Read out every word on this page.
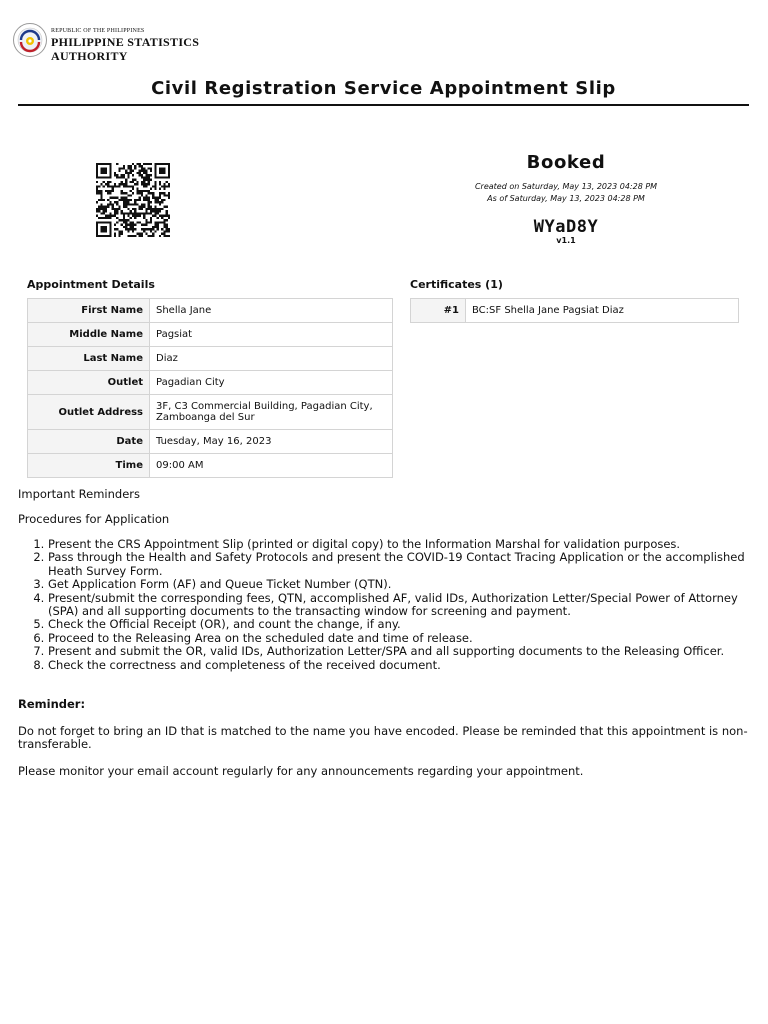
REPUBLIC OF THE PHILIPPINES
PHILIPPINE STATISTICS AUTHORITY
Civil Registration Service Appointment Slip
Booked
Created on Saturday, May 13, 2023 04:28 PM
As of Saturday, May 13, 2023 04:28 PM
WYaD8Y
v1.1
Appointment Details
First Name	Shella Jane
Middle Name	Pagsiat
Last Name	Diaz
Outlet	Pagadian City
Outlet Address	3F, C3 Commercial Building, Pagadian City, Zamboanga del Sur
Date	Tuesday, May 16, 2023
Time	09:00 AM
Certificates (1)
#1	BC:SF Shella Jane Pagsiat Diaz
Important Reminders
Procedures for Application
1. Present the CRS Appointment Slip (printed or digital copy) to the Information Marshal for validation purposes.
2. Pass through the Health and Safety Protocols and present the COVID-19 Contact Tracing Application or the accomplished Heath Survey Form.
3. Get Application Form (AF) and Queue Ticket Number (QTN).
4. Present/submit the corresponding fees, QTN, accomplished AF, valid IDs, Authorization Letter/Special Power of Attorney (SPA) and all supporting documents to the transacting window for screening and payment.
5. Check the Official Receipt (OR), and count the change, if any.
6. Proceed to the Releasing Area on the scheduled date and time of release.
7. Present and submit the OR, valid IDs, Authorization Letter/SPA and all supporting documents to the Releasing Officer.
8. Check the correctness and completeness of the received document.
Reminder:
Do not forget to bring an ID that is matched to the name you have encoded. Please be reminded that this appointment is non-transferable.
Please monitor your email account regularly for any announcements regarding your appointment.
